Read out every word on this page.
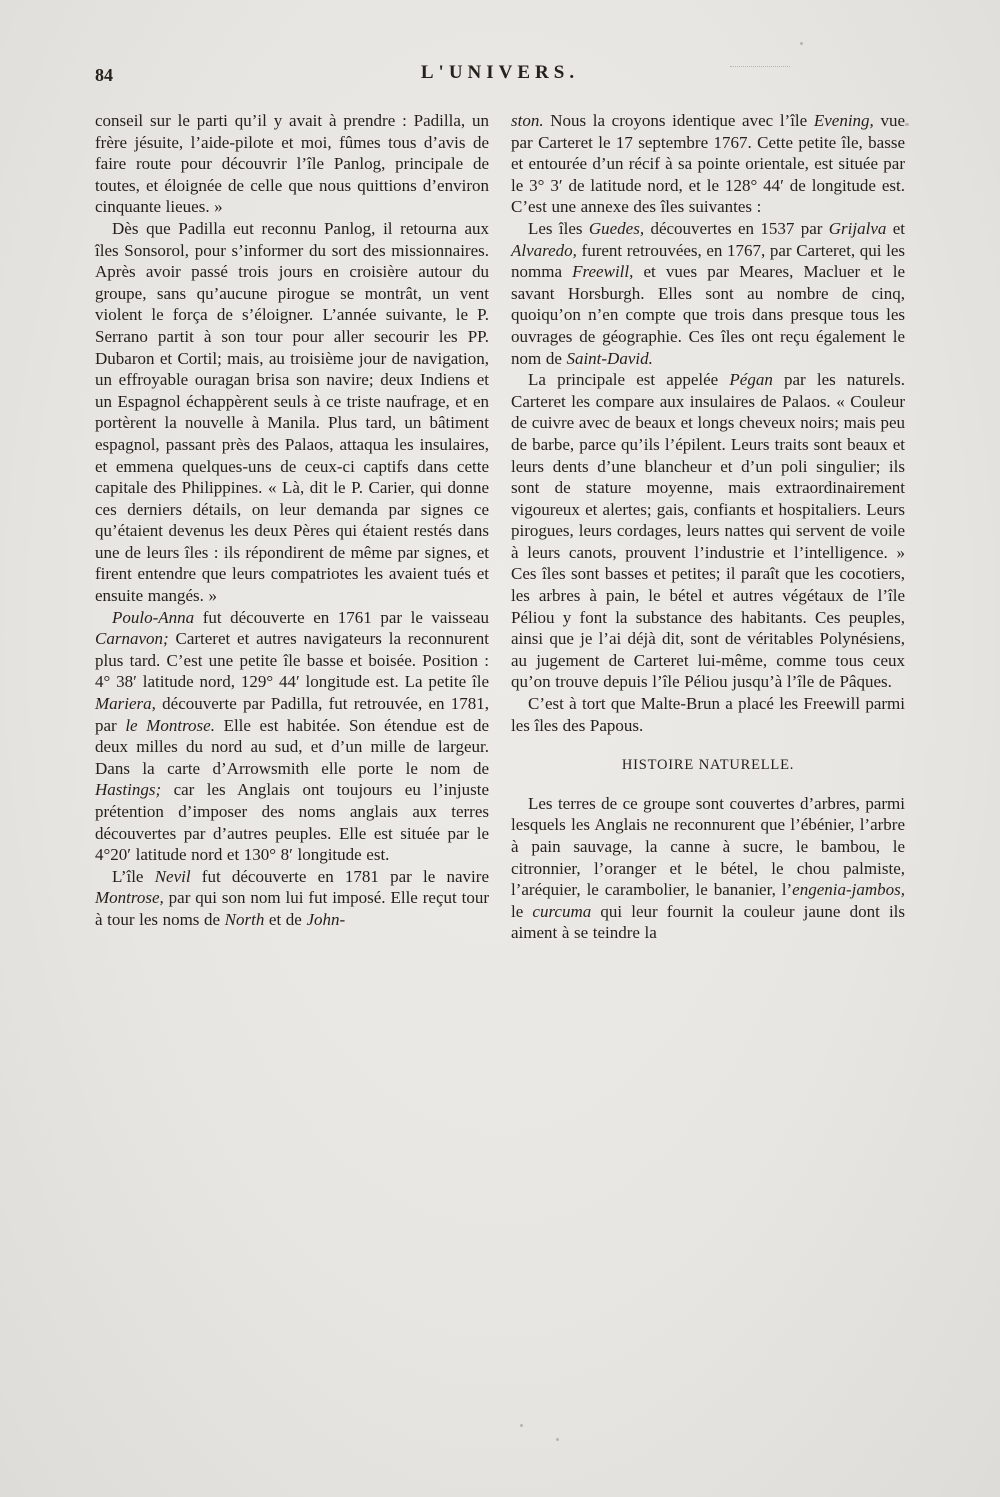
84	L'UNIVERS.

conseil sur le parti qu’il y avait à prendre : Padilla, un frère jésuite, l’aide-pilote et moi, fûmes tous d’avis de faire route pour découvrir l’île Panlog, principale de toutes, et éloignée de celle que nous quittions d’environ cinquante lieues. »

Dès que Padilla eut reconnu Panlog, il retourna aux îles Sonsorol, pour s’informer du sort des missionnaires. Après avoir passé trois jours en croisière autour du groupe, sans qu’aucune pirogue se montrât, un vent violent le força de s’éloigner. L’année suivante, le P. Serrano partit à son tour pour aller secourir les PP. Dubaron et Cortil; mais, au troisième jour de navigation, un effroyable ouragan brisa son navire; deux Indiens et un Espagnol échappèrent seuls à ce triste naufrage, et en portèrent la nouvelle à Manila. Plus tard, un bâtiment espagnol, passant près des Palaos, attaqua les insulaires, et emmena quelques-uns de ceux-ci captifs dans cette capitale des Philippines. « Là, dit le P. Carier, qui donne ces derniers détails, on leur demanda par signes ce qu’étaient devenus les deux Pères qui étaient restés dans une de leurs îles : ils répondirent de même par signes, et firent entendre que leurs compatriotes les avaient tués et ensuite mangés. »

Poulo-Anna fut découverte en 1761 par le vaisseau Carnavon; Carteret et autres navigateurs la reconnurent plus tard. C’est une petite île basse et boisée. Position : 4° 38′ latitude nord, 129° 44′ longitude est. La petite île Mariera, découverte par Padilla, fut retrouvée, en 1781, par le Montrose. Elle est habitée. Son étendue est de deux milles du nord au sud, et d’un mille de largeur. Dans la carte d’Arrowsmith elle porte le nom de Hastings; car les Anglais ont toujours eu l’injuste prétention d’imposer des noms anglais aux terres découvertes par d’autres peuples. Elle est située par le 4°20′ latitude nord et 130° 8′ longitude est.

L’île Nevil fut découverte en 1781 par le navire Montrose, par qui son nom lui fut imposé. Elle reçut tour à tour les noms de North et de John-

ston. Nous la croyons identique avec l’île Evening, vue par Carteret le 17 septembre 1767. Cette petite île, basse et entourée d’un récif à sa pointe orientale, est située par le 3° 3′ de latitude nord, et le 128° 44′ de longitude est. C’est une annexe des îles suivantes :

Les îles Guedes, découvertes en 1537 par Grijalva et Alvaredo, furent retrouvées, en 1767, par Carteret, qui les nomma Freewill, et vues par Meares, Macluer et le savant Horsburgh. Elles sont au nombre de cinq, quoiqu’on n’en compte que trois dans presque tous les ouvrages de géographie. Ces îles ont reçu également le nom de Saint-David.

La principale est appelée Pégan par les naturels. Carteret les compare aux insulaires de Palaos. « Couleur de cuivre avec de beaux et longs cheveux noirs; mais peu de barbe, parce qu’ils l’épilent. Leurs traits sont beaux et leurs dents d’une blancheur et d’un poli singulier; ils sont de stature moyenne, mais extraordinairement vigoureux et alertes; gais, confiants et hospitaliers. Leurs pirogues, leurs cordages, leurs nattes qui servent de voile à leurs canots, prouvent l’industrie et l’intelligence. » Ces îles sont basses et petites; il paraît que les cocotiers, les arbres à pain, le bétel et autres végétaux de l’île Péliou y font la substance des habitants. Ces peuples, ainsi que je l’ai déjà dit, sont de véritables Polynésiens, au jugement de Carteret lui-même, comme tous ceux qu’on trouve depuis l’île Péliou jusqu’à l’île de Pâques.

C’est à tort que Malte-Brun a placé les Freewill parmi les îles des Papous.

HISTOIRE NATURELLE.

Les terres de ce groupe sont couvertes d’arbres, parmi lesquels les Anglais ne reconnurent que l’ébénier, l’arbre à pain sauvage, la canne à sucre, le bambou, le citronnier, l’oranger et le bétel, le chou palmiste, l’aréquier, le carambolier, le bananier, l’engenia-jambos, le curcuma qui leur fournit la couleur jaune dont ils aiment à se teindre la
